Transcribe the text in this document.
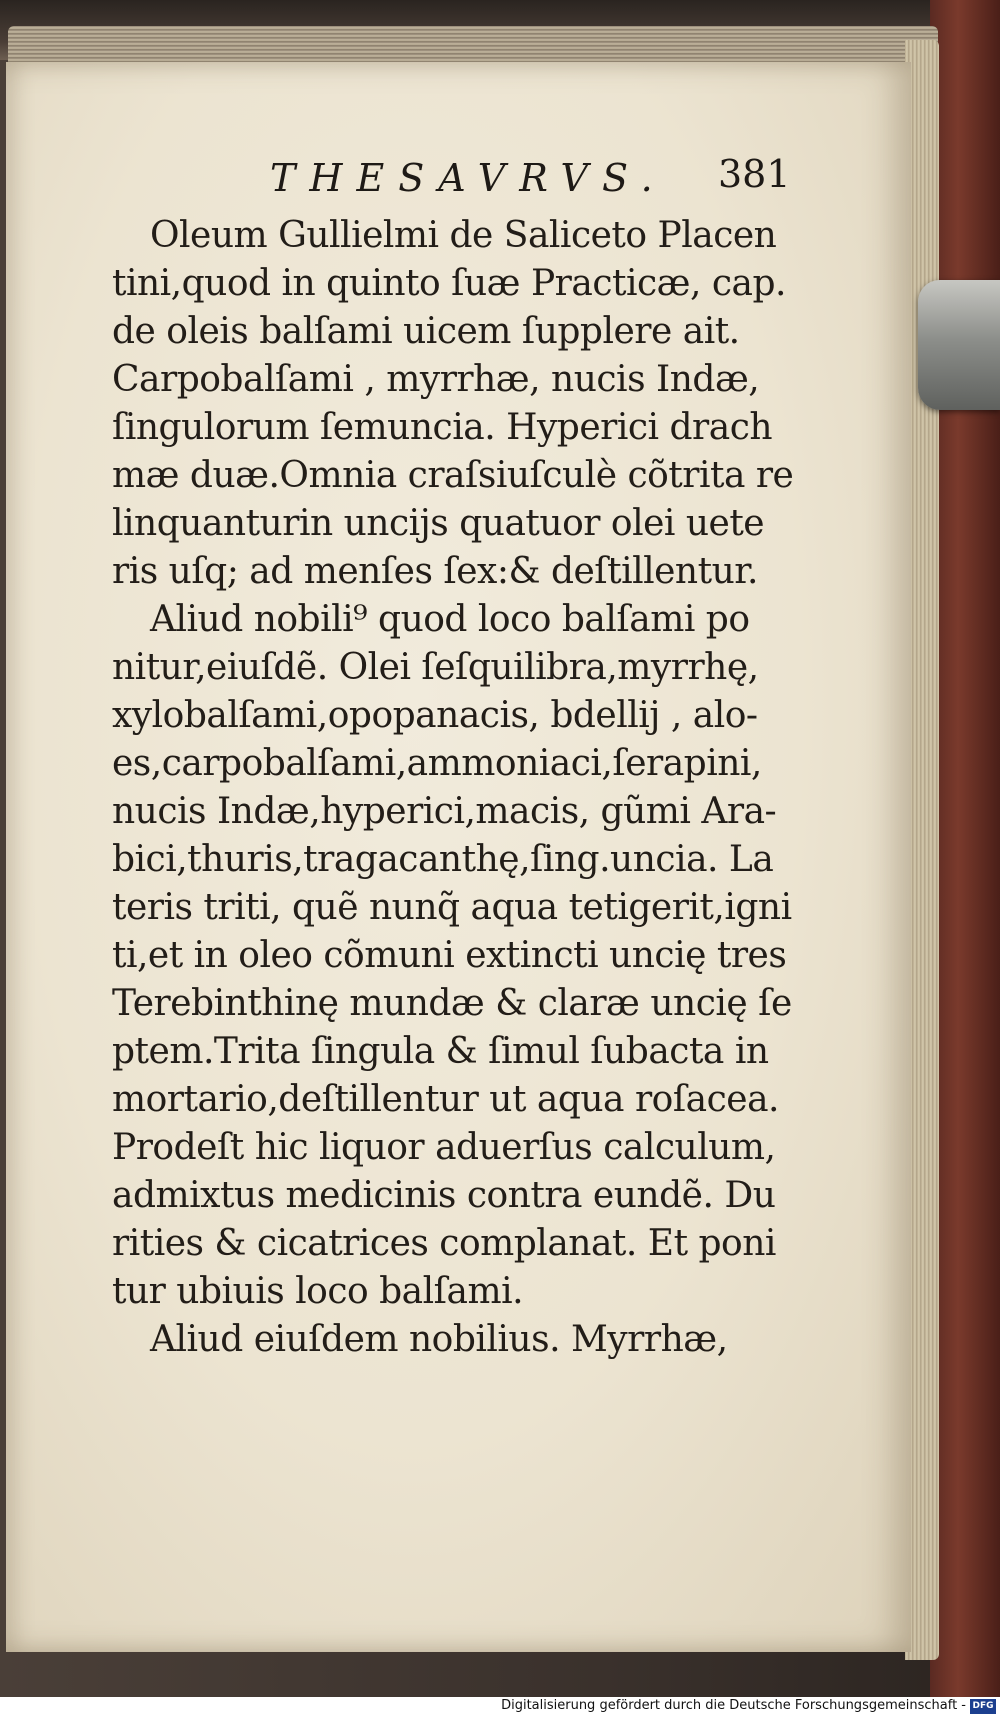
THESAVRVS. 381
Oleum Gullielmi de Saliceto Placen
tini,quod in quinto ſuæ Practicæ, cap.
de oleis balſami uicem ſupplere ait.
Carpobalſami , myrrhæ, nucis Indæ,
ſingulorum ſemuncia. Hyperici drach
mæ duæ.Omnia craſsiuſculè cõtrita re
linquanturin uncijs quatuor olei uete
ris uſq; ad menſes ſex:& deſtillentur.
Aliud nobili⁹ quod loco balſami po
nitur,eiuſdẽ. Olei ſeſquilibra,myrrhę,
xylobalſami,opopanacis, bdellij , alo-
es,carpobalſami,ammoniaci,ſerapini,
nucis Indæ,hyperici,macis, gũmi Ara-
bici,thuris,tragacanthę,ſing.uncia. La
teris triti, quẽ nunq̃ aqua tetigerit,igni
ti,et in oleo cõmuni extincti uncię tres
Terebinthinę mundæ & claræ uncię ſe
ptem.Trita ſingula & ſimul ſubacta in
mortario,deſtillentur ut aqua roſacea.
Prodeſt hic liquor aduerſus calculum,
admixtus medicinis contra eundẽ. Du
rities & cicatrices complanat. Et poni
tur ubiuis loco balſami.
Aliud eiuſdem nobilius. Myrrhæ,
Digitalisierung gefördert durch die Deutsche Forschungsgemeinschaft - DFG
